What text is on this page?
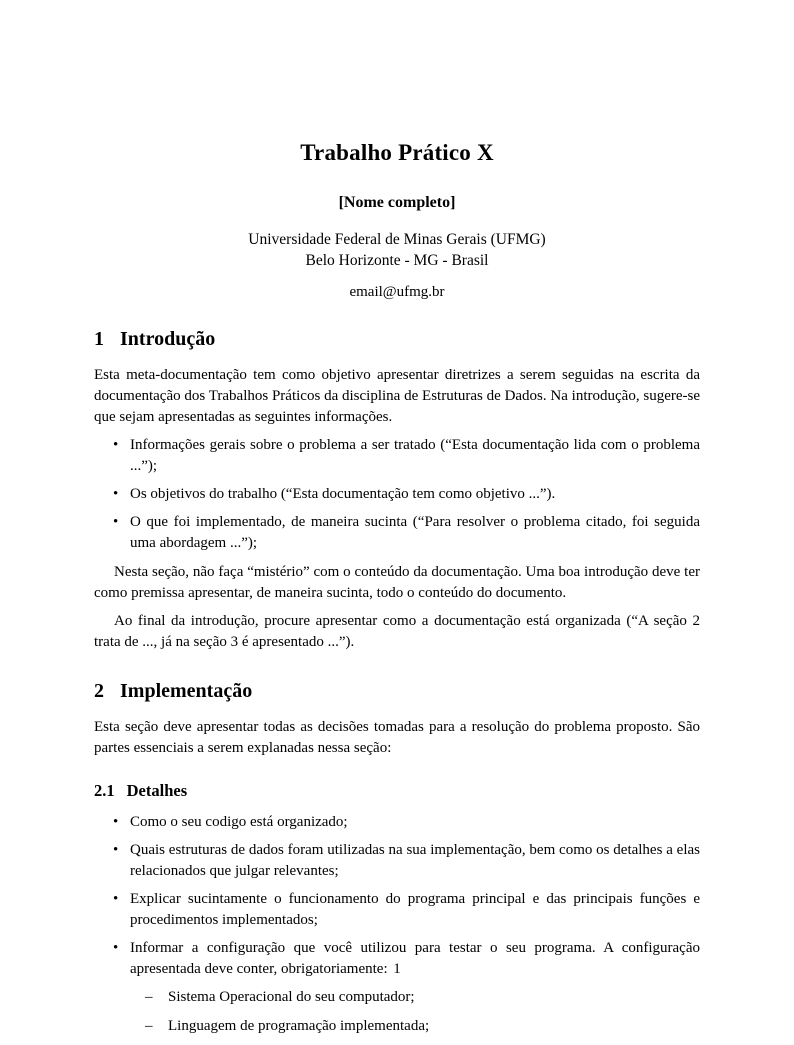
Trabalho Prático X

[Nome completo]

Universidade Federal de Minas Gerais (UFMG)

Belo Horizonte - MG - Brasil

email@ufmg.br

1 Introdução

Esta meta-documentação tem como objetivo apresentar diretrizes a serem seguidas na escrita da documentação dos Trabalhos Práticos da disciplina de Estruturas de Dados. Na introdução, sugere-se que sejam apresentadas as seguintes informações.

• Informações gerais sobre o problema a ser tratado (“Esta documentação lida com o problema ...”);
• Os objetivos do trabalho (“Esta documentação tem como objetivo ...”).
• O que foi implementado, de maneira sucinta (“Para resolver o problema citado, foi seguida uma abordagem ...”);

Nesta seção, não faça “mistério” com o conteúdo da documentação. Uma boa introdução deve ter como premissa apresentar, de maneira sucinta, todo o conteúdo do documento.

Ao final da introdução, procure apresentar como a documentação está organizada (“A seção 2 trata de ..., já na seção 3 é apresentado ...”).

2 Implementação

Esta seção deve apresentar todas as decisões tomadas para a resolução do problema proposto. São partes essenciais a serem explanadas nessa seção:

2.1 Detalhes
• Como o seu codigo está organizado;
• Quais estruturas de dados foram utilizadas na sua implementação, bem como os detalhes a elas relacionados que julgar relevantes;
• Explicar sucintamente o funcionamento do programa principal e das principais funções e procedimentos implementados;
• Informar a configuração que você utilizou para testar o seu programa. A configuração apresentada deve conter, obrigatoriamente:
–	Sistema Operacional do seu computador;
–	Linguagem de programação implementada;
1
